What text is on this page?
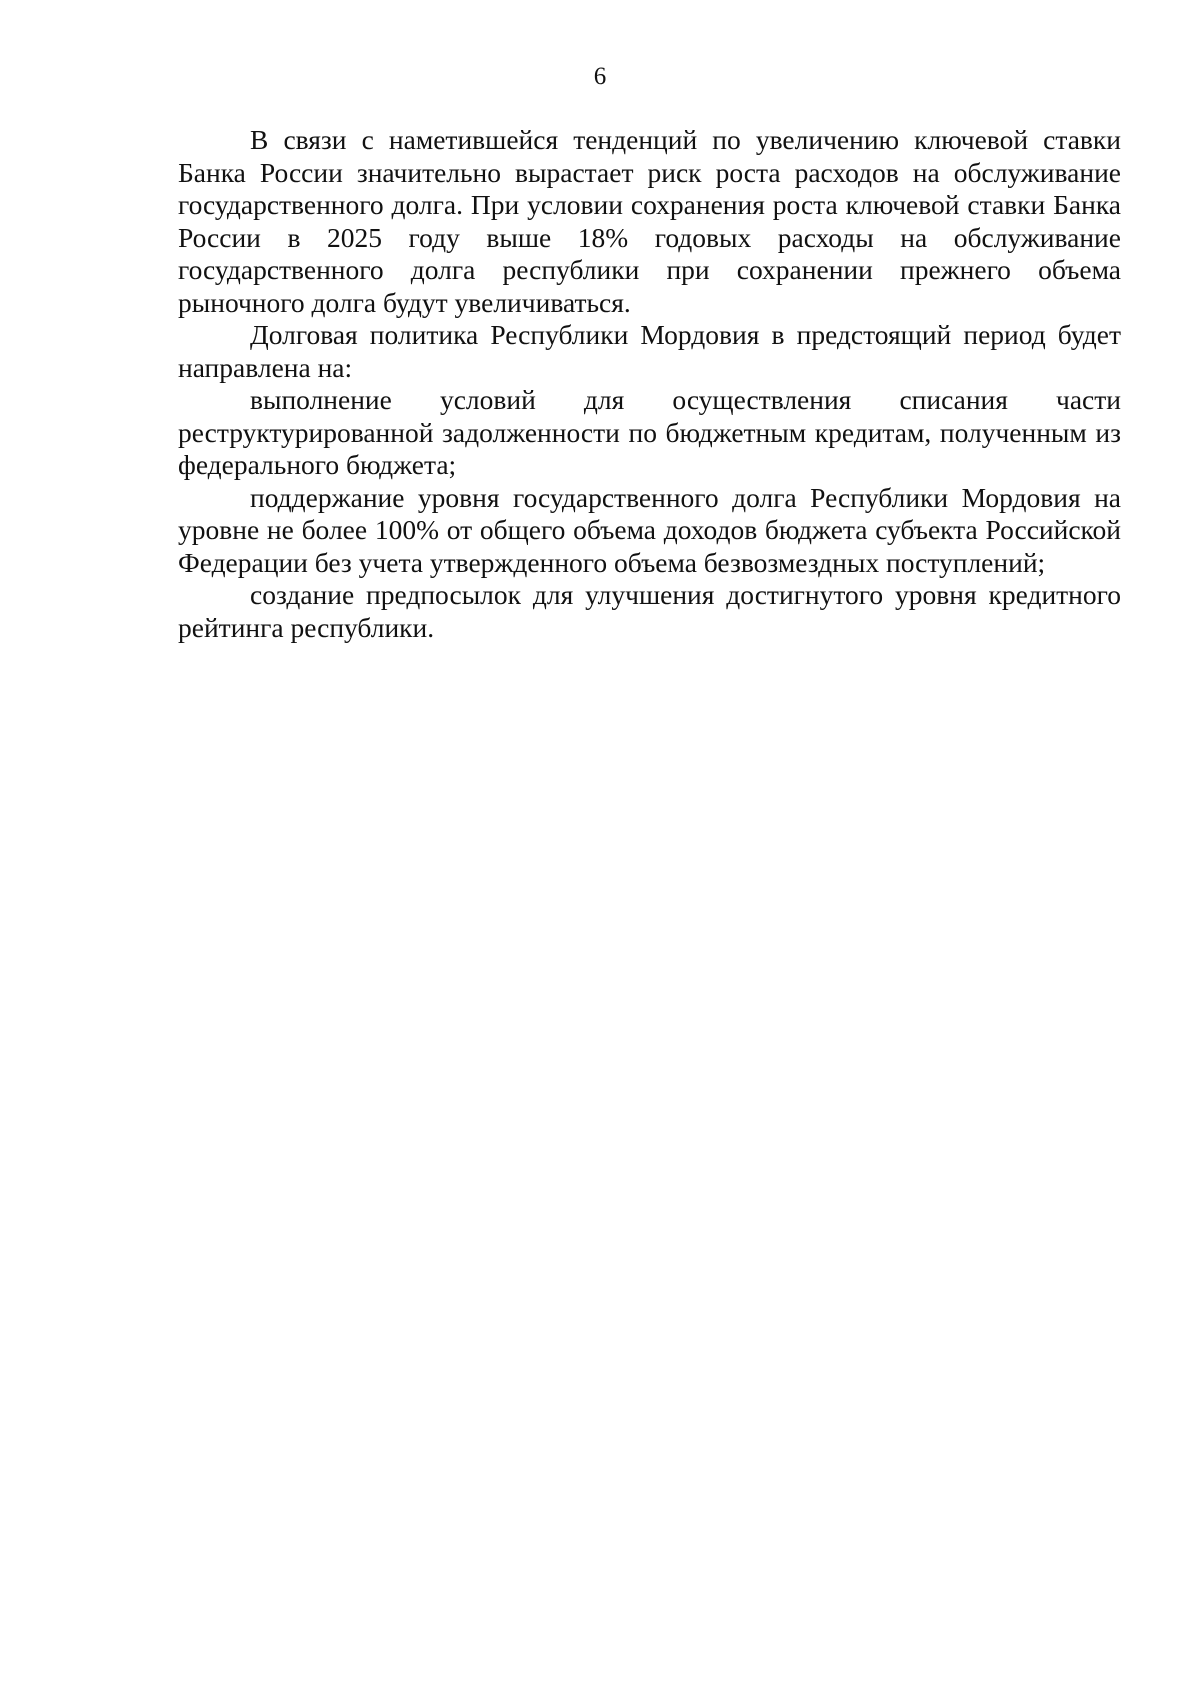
6

В связи с наметившейся тенденций по увеличению ключевой ставки Банка России значительно вырастает риск роста расходов на обслуживание государственного долга. При условии сохранения роста ключевой ставки Банка России в 2025 году выше 18% годовых расходы на обслуживание государственного долга республики при сохранении прежнего объема рыночного долга будут увеличиваться.

Долговая политика Республики Мордовия в предстоящий период будет направлена на:

выполнение условий для осуществления списания части реструктурированной задолженности по бюджетным кредитам, полученным из федерального бюджета;

поддержание уровня государственного долга Республики Мордовия на уровне не более 100% от общего объема доходов бюджета субъекта Российской Федерации без учета утвержденного объема безвозмездных поступлений;

создание предпосылок для улучшения достигнутого уровня кредитного рейтинга республики.
